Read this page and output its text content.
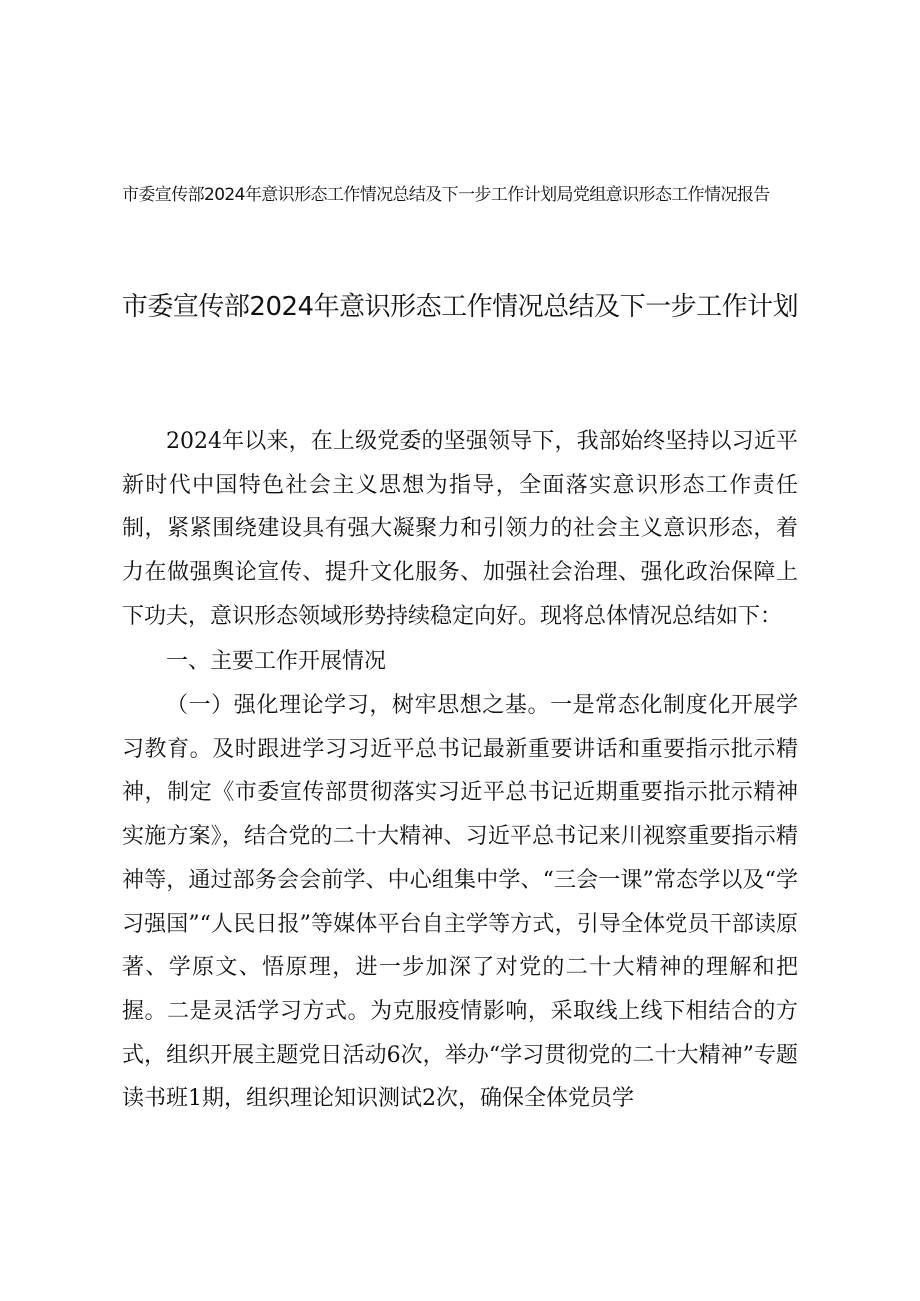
市委宣传部2024年意识形态工作情况总结及下一步工作计划局党组意识形态工作情况报告
市委宣传部2024年意识形态工作情况总结及下一步工作计划

2024年以来，在上级党委的坚强领导下，我部始终坚持以习近平新时代中国特色社会主义思想为指导，全面落实意识形态工作责任制，紧紧围绕建设具有强大凝聚力和引领力的社会主义意识形态，着力在做强舆论宣传、提升文化服务、加强社会治理、强化政治保障上下功夫，意识形态领域形势持续稳定向好。现将总体情况总结如下：

一、主要工作开展情况

（一）强化理论学习，树牢思想之基。一是常态化制度化开展学习教育。及时跟进学习习近平总书记最新重要讲话和重要指示批示精神，制定《市委宣传部贯彻落实习近平总书记近期重要指示批示精神实施方案》，结合党的二十大精神、习近平总书记来川视察重要指示精神等，通过部务会会前学、中心组集中学、“三会一课”常态学以及“学习强国”“人民日报”等媒体平台自主学等方式，引导全体党员干部读原著、学原文、悟原理，进一步加深了对党的二十大精神的理解和把握。二是灵活学习方式。为克服疫情影响，采取线上线下相结合的方式，组织开展主题党日活动6次，举办“学习贯彻党的二十大精神”专题读书班1期，组织理论知识测试2次，确保全体党员学
